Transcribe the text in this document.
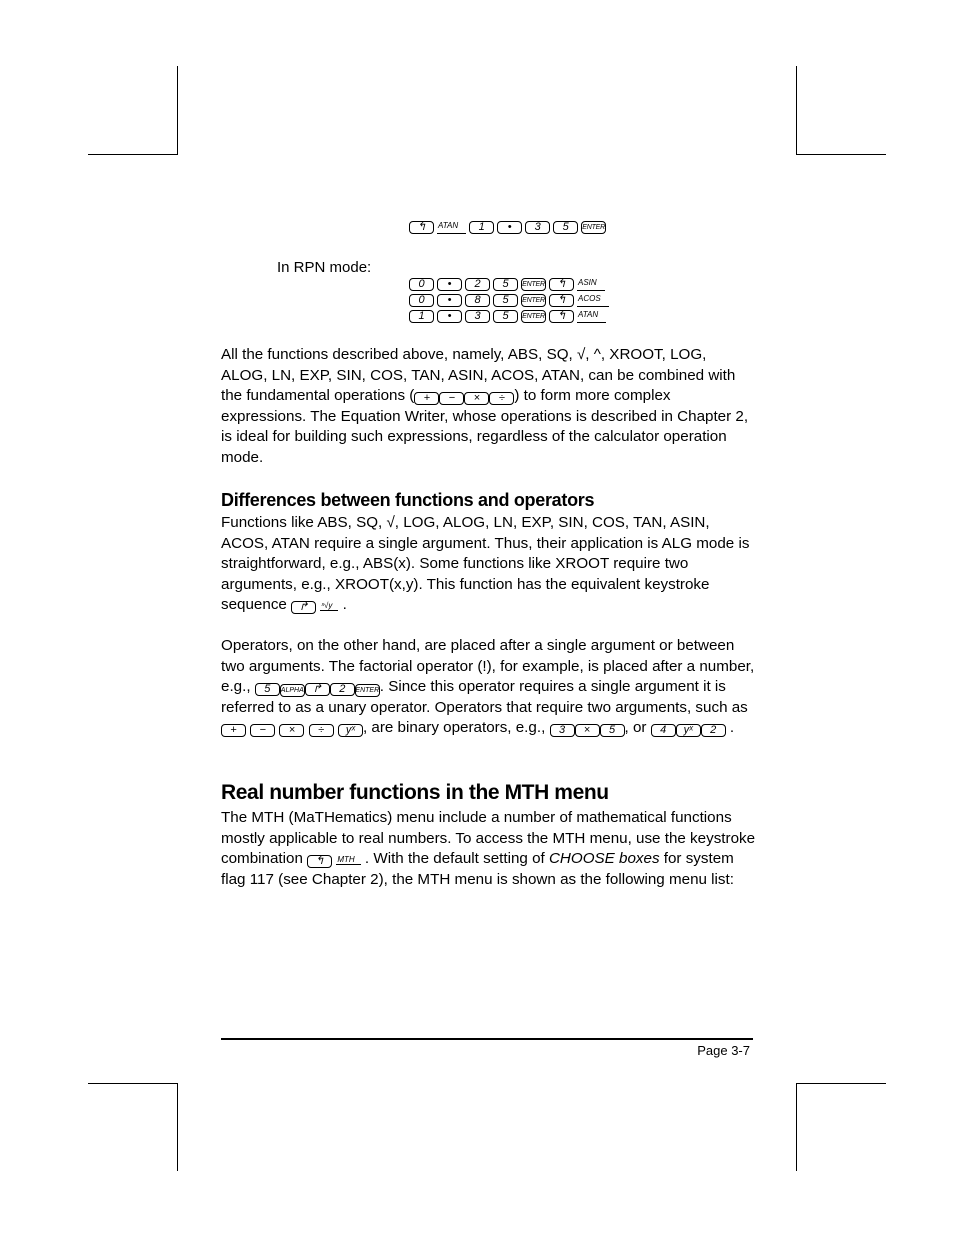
↰	ATAN	1	•	3	5	ENTER
In RPN mode:
0	•	2	5	ENTER	↰	ASIN
0	•	8	5	ENTER	↰	ACOS
1	•	3	5	ENTER	↰	ATAN
All the functions described above, namely, ABS, SQ, √, ^, XROOT, LOG, ALOG, LN, EXP, SIN, COS, TAN, ASIN, ACOS, ATAN, can be combined with the fundamental operations ( + − × ÷ ) to form more complex expressions. The Equation Writer, whose operations is described in Chapter 2, is ideal for building such expressions, regardless of the calculator operation mode.
Differences between functions and operators
Functions like ABS, SQ, √, LOG, ALOG, LN, EXP, SIN, COS, TAN, ASIN, ACOS, ATAN require a single argument. Thus, their application is ALG mode is straightforward, e.g., ABS(x). Some functions like XROOT require two arguments, e.g., XROOT(x,y). This function has the equivalent keystroke sequence ↱ ˣ√y .
Operators, on the other hand, are placed after a single argument or between two arguments. The factorial operator (!), for example, is placed after a number, e.g., 5 ALPHA ↱ 2 ENTER. Since this operator requires a single argument it is referred to as a unary operator. Operators that require two arguments, such as + − × ÷ yˣ , are binary operators, e.g., 3 × 5 , or 4 yˣ 2 .
Real number functions in the MTH menu
The MTH (MaTHematics) menu include a number of mathematical functions mostly applicable to real numbers. To access the MTH menu, use the keystroke combination ↰ MTH . With the default setting of CHOOSE boxes for system flag 117 (see Chapter 2), the MTH menu is shown as the following menu list:
Page 3-7
